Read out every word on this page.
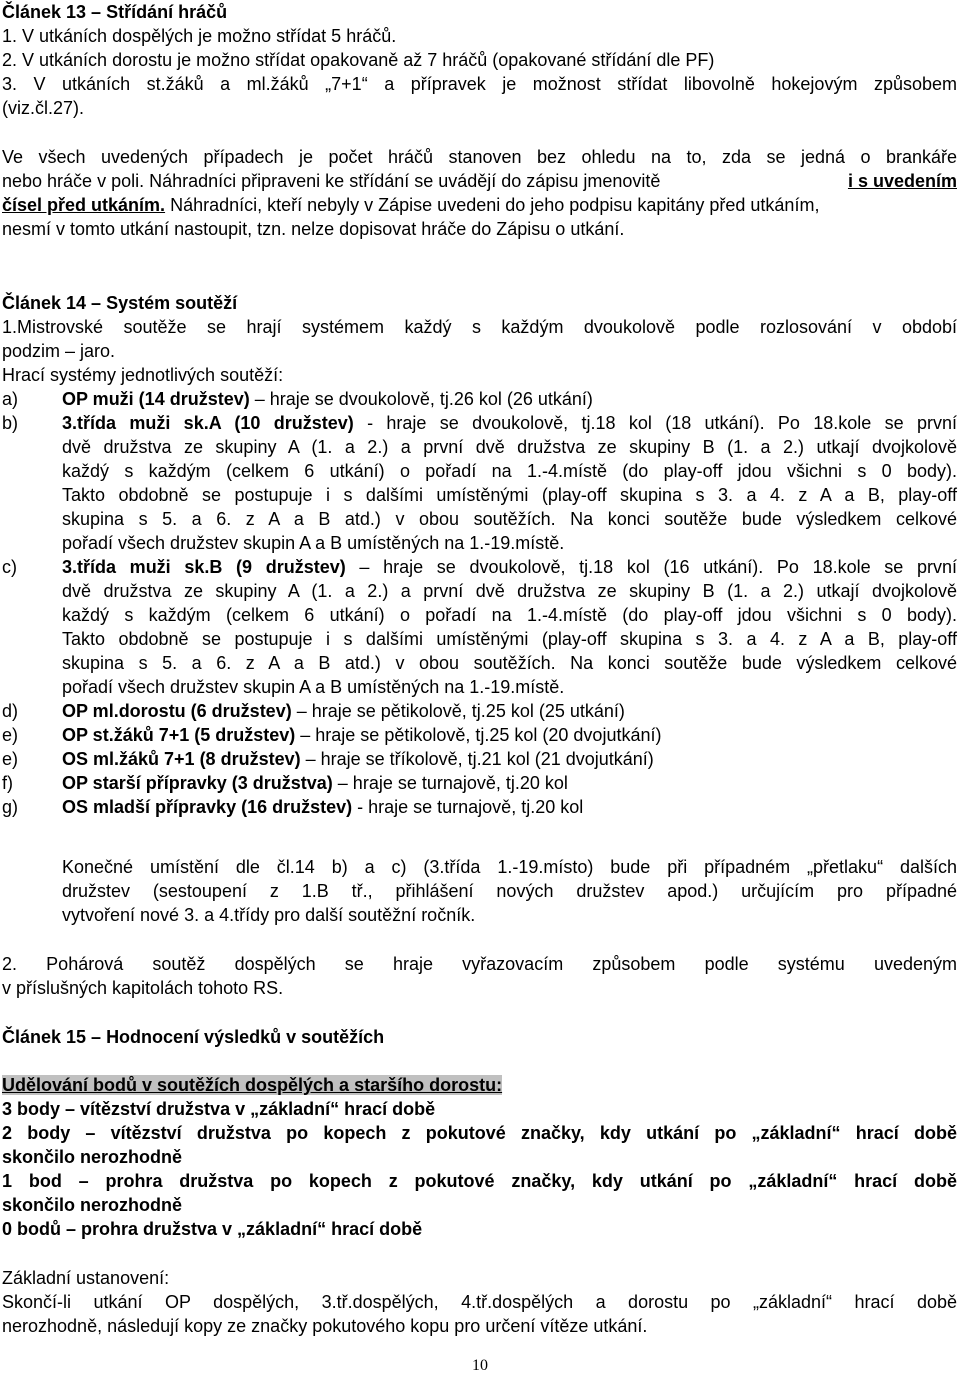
Článek 13 – Střídání hráčů
1. V utkáních dospělých je možno střídat 5 hráčů.
2. V utkáních dorostu je možno střídat opakovaně až 7 hráčů (opakované střídání dle PF)
3. V utkáních st.žáků a ml.žáků „7+1“ a přípravek je možnost střídat libovolně hokejovým způsobem
(viz.čl.27).
Ve všech uvedených případech je počet hráčů stanoven bez ohledu na to, zda se jedná o brankáře
nebo hráče v poli. Náhradníci připraveni ke střídání se uvádějí do zápisu jmenovitě	i s uvedením
čísel před utkáním. Náhradníci, kteří nebyly v Zápise uvedeni do jeho podpisu kapitány před utkáním,
nesmí v tomto utkání nastoupit, tzn. nelze dopisovat hráče do Zápisu o utkání.
Článek 14 – Systém soutěží
1.Mistrovské soutěže se hrají systémem každý s každým dvoukolově podle rozlosování v období
podzim – jaro.
Hrací systémy jednotlivých soutěží:
a) OP muži (14 družstev) – hraje se dvoukolově, tj.26 kol (26 utkání)
b) 3.třída muži sk.A (10 družstev) - hraje se dvoukolově, tj.18 kol (18 utkání). Po 18.kole se první
dvě družstva ze skupiny A (1. a 2.) a první dvě družstva ze skupiny B (1. a 2.) utkají dvojkolově
každý s každým (celkem 6 utkání) o pořadí na 1.-4.místě (do play-off jdou všichni s 0 body).
Takto obdobně se postupuje i s dalšími umístěnými (play-off skupina s 3. a 4. z A a B, play-off
skupina s 5. a 6. z A a B atd.) v obou soutěžích. Na konci soutěže bude výsledkem celkové
pořadí všech družstev skupin A a B umístěných na 1.-19.místě.
c)	3.třída muži sk.B (9 družstev) – hraje se dvoukolově, tj.18 kol (16 utkání). Po 18.kole se první
dvě družstva ze skupiny A (1. a 2.) a první dvě družstva ze skupiny B (1. a 2.) utkají dvojkolově
každý s každým (celkem 6 utkání) o pořadí na 1.-4.místě (do play-off jdou všichni s 0 body).
Takto obdobně se postupuje i s dalšími umístěnými (play-off skupina s 3. a 4. z A a B, play-off
skupina s 5. a 6. z A a B atd.) v obou soutěžích. Na konci soutěže bude výsledkem celkové
pořadí všech družstev skupin A a B umístěných na 1.-19.místě.
d) OP ml.dorostu (6 družstev) – hraje se pětikolově, tj.25 kol (25 utkání)
e) OP st.žáků 7+1 (5 družstev) – hraje se pětikolově, tj.25 kol (20 dvojutkání)
e) OS ml.žáků 7+1 (8 družstev) – hraje se tříkolově, tj.21 kol (21 dvojutkání)
f)	OP starší přípravky (3 družstva) – hraje se turnajově, tj.20 kol
g) OS mladší přípravky (16 družstev) - hraje se turnajově, tj.20 kol
Konečné umístění dle čl.14 b) a c) (3.třída 1.-19.místo) bude při případném „přetlaku“ dalších
družstev (sestoupení z 1.B tř., přihlášení nových družstev apod.) určujícím pro případné
vytvoření nové 3. a 4.třídy pro další soutěžní ročník.
2. Pohárová soutěž dospělých se hraje vyřazovacím způsobem podle systému uvedeným
v příslušných kapitolách tohoto RS.
Článek 15 – Hodnocení výsledků v soutěžích
Udělování bodů v soutěžích dospělých a staršího dorostu:
3 body – vítězství družstva v „základní“ hrací době
2 body – vítězství družstva po kopech z pokutové značky, kdy utkání po „základní“ hrací době
skončilo nerozhodně
1 bod – prohra družstva po kopech z pokutové značky, kdy utkání po „základní“ hrací době
skončilo nerozhodně
0 bodů – prohra družstva v „základní“ hrací době
Základní ustanovení:
Skončí-li utkání OP dospělých, 3.tř.dospělých, 4.tř.dospělých a dorostu po „základní“ hrací době
nerozhodně, následují kopy ze značky pokutového kopu pro určení vítěze utkání.
10
